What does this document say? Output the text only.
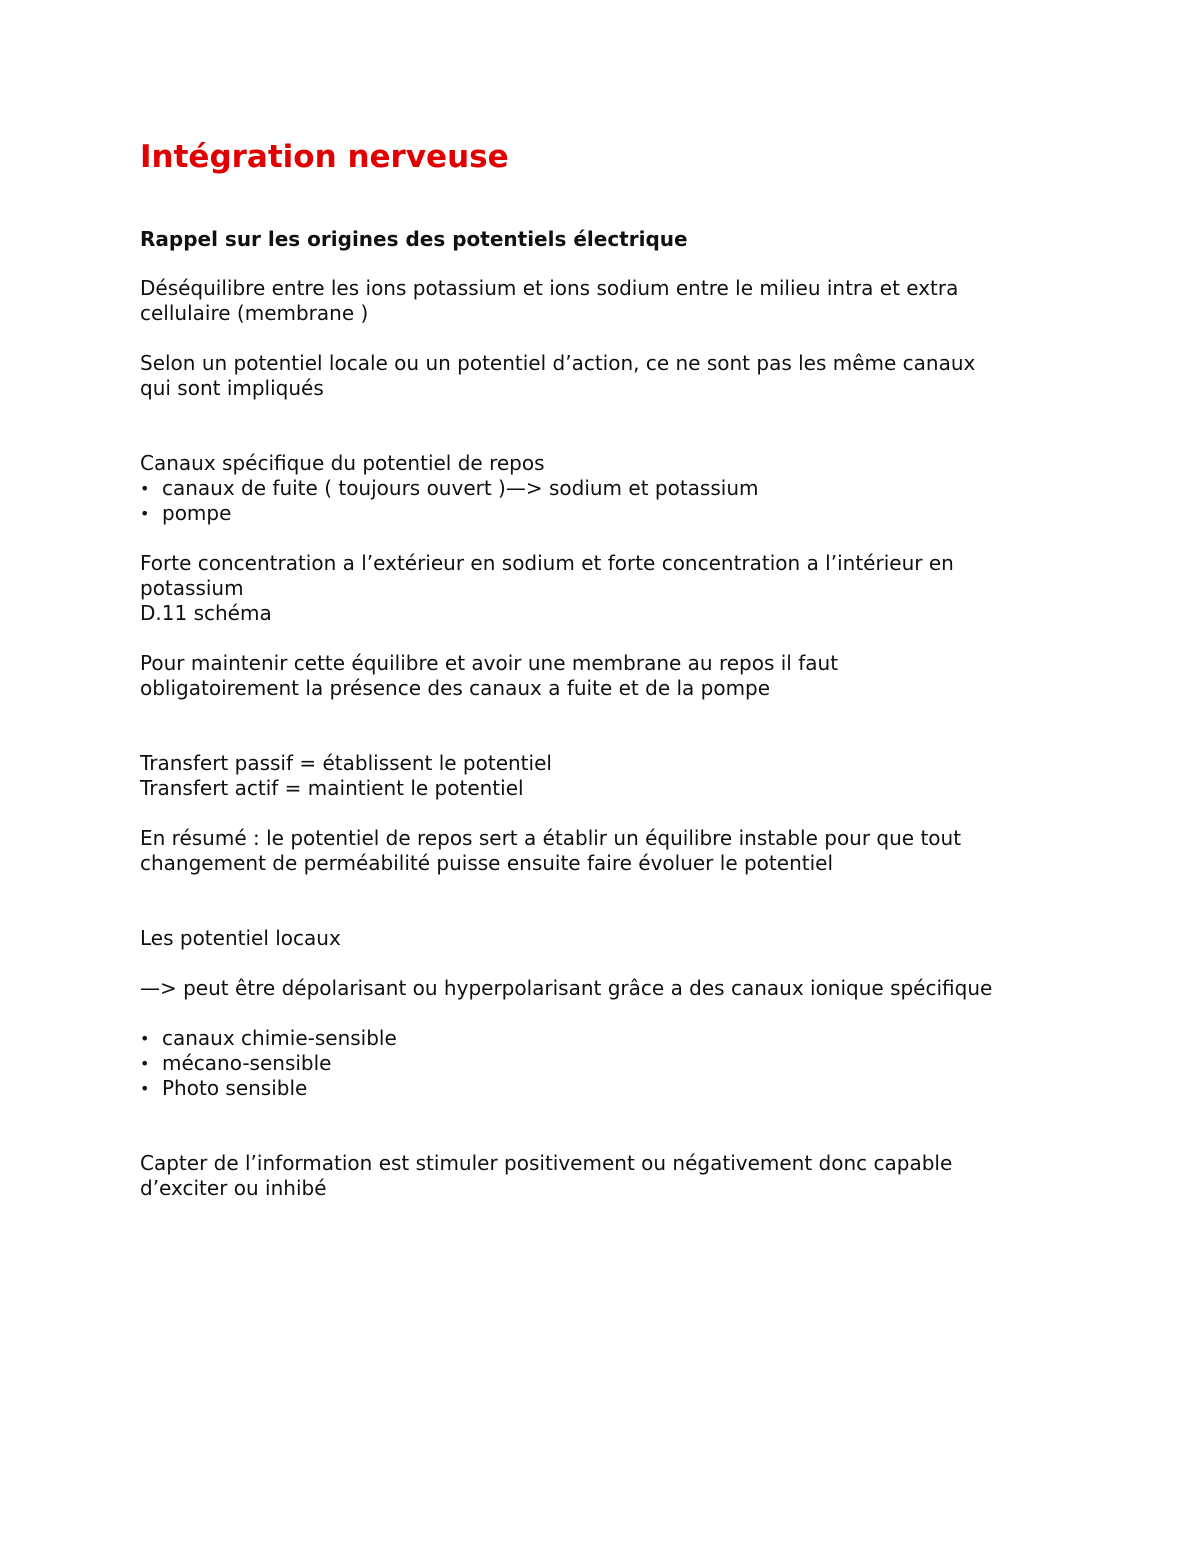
Intégration nerveuse
Rappel sur les origines des potentiels électrique

Déséquilibre entre les ions potassium et ions sodium entre le milieu intra et extra
cellulaire (membrane )

Selon un potentiel locale ou un potentiel d’action, ce ne sont pas les même canaux
qui sont impliqués

Canaux spécifique du potentiel de repos

• canaux de fuite ( toujours ouvert )—> sodium et potassium
• pompe

Forte concentration a l’extérieur en sodium et forte concentration a l’intérieur en
potassium
D.11 schéma

Pour maintenir cette équilibre et avoir une membrane au repos il faut
obligatoirement la présence des canaux a fuite et de la pompe

Transfert passif = établissent le potentiel
Transfert actif = maintient le potentiel

En résumé : le potentiel de repos sert a établir un équilibre instable pour que tout
changement de perméabilité puisse ensuite faire évoluer le potentiel

Les potentiel locaux

—> peut être dépolarisant ou hyperpolarisant grâce a des canaux ionique spécifique

• canaux chimie-sensible
• mécano-sensible
• Photo sensible

Capter de l’information est stimuler positivement ou négativement donc capable
d’exciter ou inhibé
